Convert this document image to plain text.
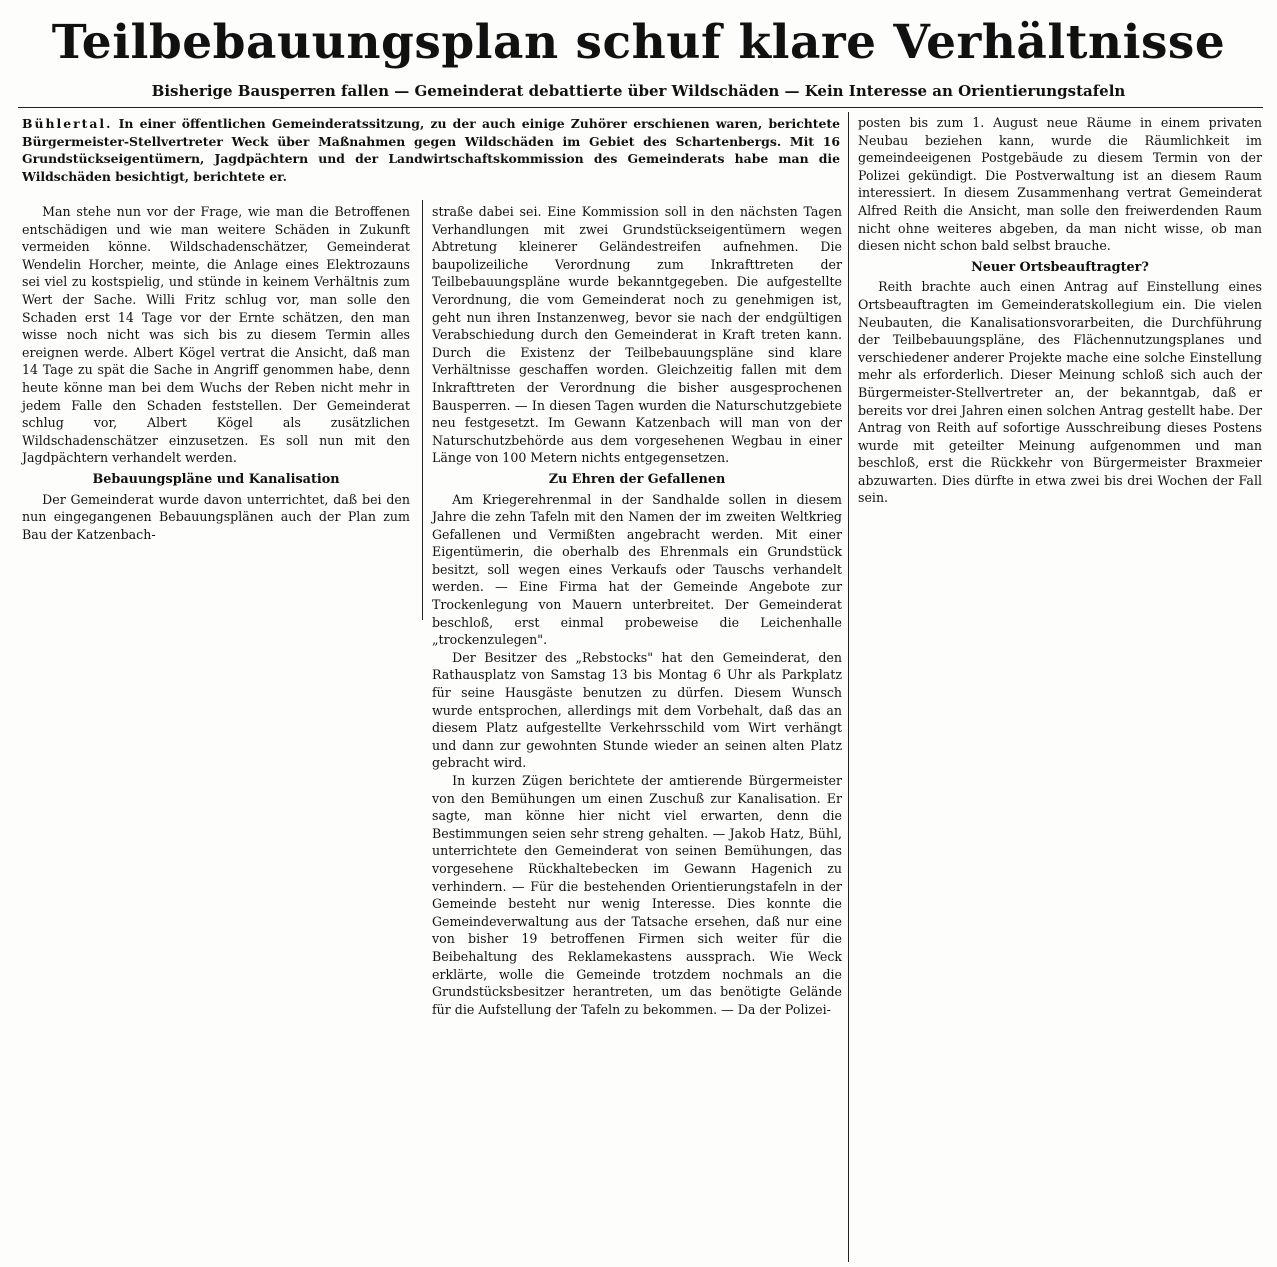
Teilbebauungsplan schuf klare Verhältnisse
Bisherige Bausperren fallen — Gemeinderat debattierte über Wildschäden — Kein Interesse an Orientierungstafeln

Bühlertal. In einer öffentlichen Gemeinderatssitzung, zu der auch einige Zuhörer erschienen waren, berichtete Bürgermeister-Stellvertreter Weck über Maßnahmen gegen Wildschäden im Gebiet des Schartenbergs. Mit 16 Grundstückseigentümern, Jagdpächtern und der Landwirtschaftskommission des Gemeinderats habe man die Wildschäden besichtigt, berichtete er.

Man stehe nun vor der Frage, wie man die Betroffenen entschädigen und wie man weitere Schäden in Zukunft vermeiden könne. Wildschadenschätzer, Gemeinderat Wendelin Horcher, meinte, die Anlage eines Elektrozauns sei viel zu kostspielig, und stünde in keinem Verhältnis zum Wert der Sache. Willi Fritz schlug vor, man solle den Schaden erst 14 Tage vor der Ernte schätzen, den man wisse noch nicht was sich bis zu diesem Termin alles ereignen werde. Albert Kögel vertrat die Ansicht, daß man 14 Tage zu spät die Sache in Angriff genommen habe, denn heute könne man bei dem Wuchs der Reben nicht mehr in jedem Falle den Schaden feststellen. Der Gemeinderat schlug vor, Albert Kögel als zusätzlichen Wildschadenschätzer einzusetzen. Es soll nun mit den Jagdpächtern verhandelt werden.

Bebauungspläne und Kanalisation

Der Gemeinderat wurde davon unterrichtet, daß bei den nun eingegangenen Bebauungsplänen auch der Plan zum Bau der Katzenbach-

straße dabei sei. Eine Kommission soll in den nächsten Tagen Verhandlungen mit zwei Grundstückseigentümern wegen Abtretung kleinerer Geländestreifen aufnehmen. Die baupolizeiliche Verordnung zum Inkrafttreten der Teilbebauungspläne wurde bekanntgegeben. Die aufgestellte Verordnung, die vom Gemeinderat noch zu genehmigen ist, geht nun ihren Instanzenweg, bevor sie nach der endgültigen Verabschiedung durch den Gemeinderat in Kraft treten kann. Durch die Existenz der Teilbebauungspläne sind klare Verhältnisse geschaffen worden. Gleichzeitig fallen mit dem Inkrafttreten der Verordnung die bisher ausgesprochenen Bausperren. — In diesen Tagen wurden die Naturschutzgebiete neu festgesetzt. Im Gewann Katzenbach will man von der Naturschutzbehörde aus dem vorgesehenen Wegbau in einer Länge von 100 Metern nichts entgegensetzen.

Zu Ehren der Gefallenen

Am Kriegerehrenmal in der Sandhalde sollen in diesem Jahre die zehn Tafeln mit den Namen der im zweiten Weltkrieg Gefallenen und Vermißten angebracht werden. Mit einer Eigentümerin, die oberhalb des Ehrenmals ein Grundstück besitzt, soll wegen eines Verkaufs oder Tauschs verhandelt werden. — Eine Firma hat der Gemeinde Angebote zur Trockenlegung von Mauern unterbreitet. Der Gemeinderat beschloß, erst einmal probeweise die Leichenhalle „trockenzulegen".

Der Besitzer des „Rebstocks" hat den Gemeinderat, den Rathausplatz von Samstag 13 bis Montag 6 Uhr als Parkplatz für seine Hausgäste benutzen zu dürfen. Diesem Wunsch wurde entsprochen, allerdings mit dem Vorbehalt, daß das an diesem Platz aufgestellte Verkehrsschild vom Wirt verhängt und dann zur gewohnten Stunde wieder an seinen alten Platz gebracht wird.

In kurzen Zügen berichtete der amtierende Bürgermeister von den Bemühungen um einen Zuschuß zur Kanalisation. Er sagte, man könne hier nicht viel erwarten, denn die Bestimmungen seien sehr streng gehalten. — Jakob Hatz, Bühl, unterrichtete den Gemeinderat von seinen Bemühungen, das vorgesehene Rückhaltebecken im Gewann Hagenich zu verhindern. — Für die bestehenden Orientierungstafeln in der Gemeinde besteht nur wenig Interesse. Dies konnte die Gemeindeverwaltung aus der Tatsache ersehen, daß nur eine von bisher 19 betroffenen Firmen sich weiter für die Beibehaltung des Reklamekastens aussprach. Wie Weck erklärte, wolle die Gemeinde trotzdem nochmals an die Grundstücksbesitzer herantreten, um das benötigte Gelände für die Aufstellung der Tafeln zu bekommen. — Da der Polizei-

posten bis zum 1. August neue Räume in einem privaten Neubau beziehen kann, wurde die Räumlichkeit im gemeindeeigenen Postgebäude zu diesem Termin von der Polizei gekündigt. Die Postverwaltung ist an diesem Raum interessiert. In diesem Zusammenhang vertrat Gemeinderat Alfred Reith die Ansicht, man solle den freiwerdenden Raum nicht ohne weiteres abgeben, da man nicht wisse, ob man diesen nicht schon bald selbst brauche.

Neuer Ortsbeauftragter?

Reith brachte auch einen Antrag auf Einstellung eines Ortsbeauftragten im Gemeinderatskollegium ein. Die vielen Neubauten, die Kanalisationsvorarbeiten, die Durchführung der Teilbebauungspläne, des Flächennutzungsplanes und verschiedener anderer Projekte mache eine solche Einstellung mehr als erforderlich. Dieser Meinung schloß sich auch der Bürgermeister-Stellvertreter an, der bekanntgab, daß er bereits vor drei Jahren einen solchen Antrag gestellt habe. Der Antrag von Reith auf sofortige Ausschreibung dieses Postens wurde mit geteilter Meinung aufgenommen und man beschloß, erst die Rückkehr von Bürgermeister Braxmeier abzuwarten. Dies dürfte in etwa zwei bis drei Wochen der Fall sein.
